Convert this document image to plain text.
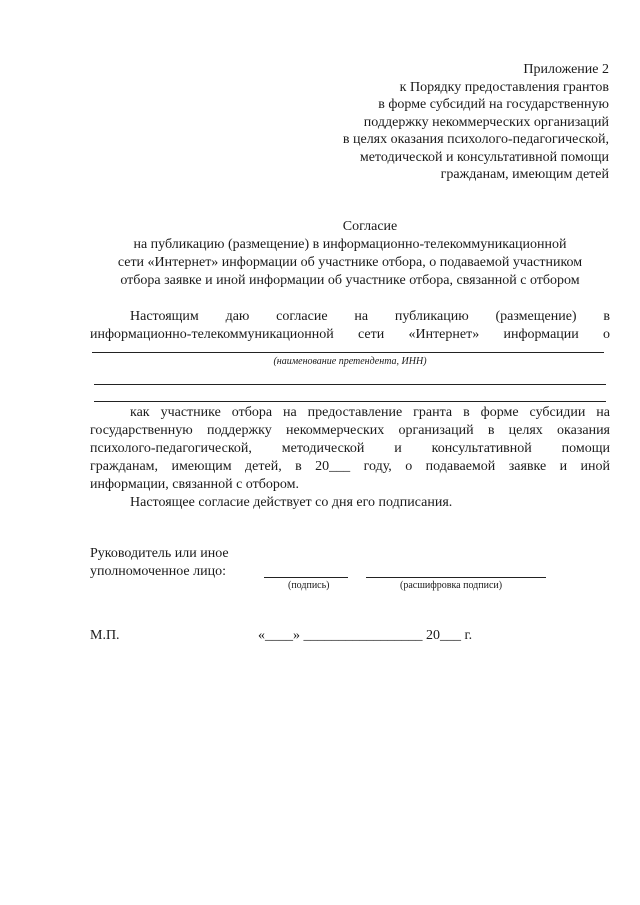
Приложение 2
к Порядку предоставления грантов
в форме субсидий на государственную
поддержку некоммерческих организаций
в целях оказания психолого-педагогической,
методической и консультативной помощи
гражданам, имеющим детей
Согласие
на публикацию (размещение) в информационно-телекоммуникационной
сети «Интернет» информации об участнике отбора, о подаваемой участником
отбора заявке и иной информации об участнике отбора, связанной с отбором
Настоящим даю согласие на публикацию (размещение) в
информационно-телекоммуникационной сети «Интернет» информации о
(наименование претендента, ИНН)
как участнике отбора на предоставление гранта в форме субсидии на
государственную поддержку некоммерческих организаций в целях оказания
психолого-педагогической, методической и консультативной помощи
гражданам, имеющим детей, в 20___ году, о подаваемой заявке и иной
информации, связанной с отбором.
Настоящее согласие действует со дня его подписания.
Руководитель или иное
уполномоченное лицо:
(подпись)	(расшифровка подписи)
М.П.	«____» _________________ 20___ г.
